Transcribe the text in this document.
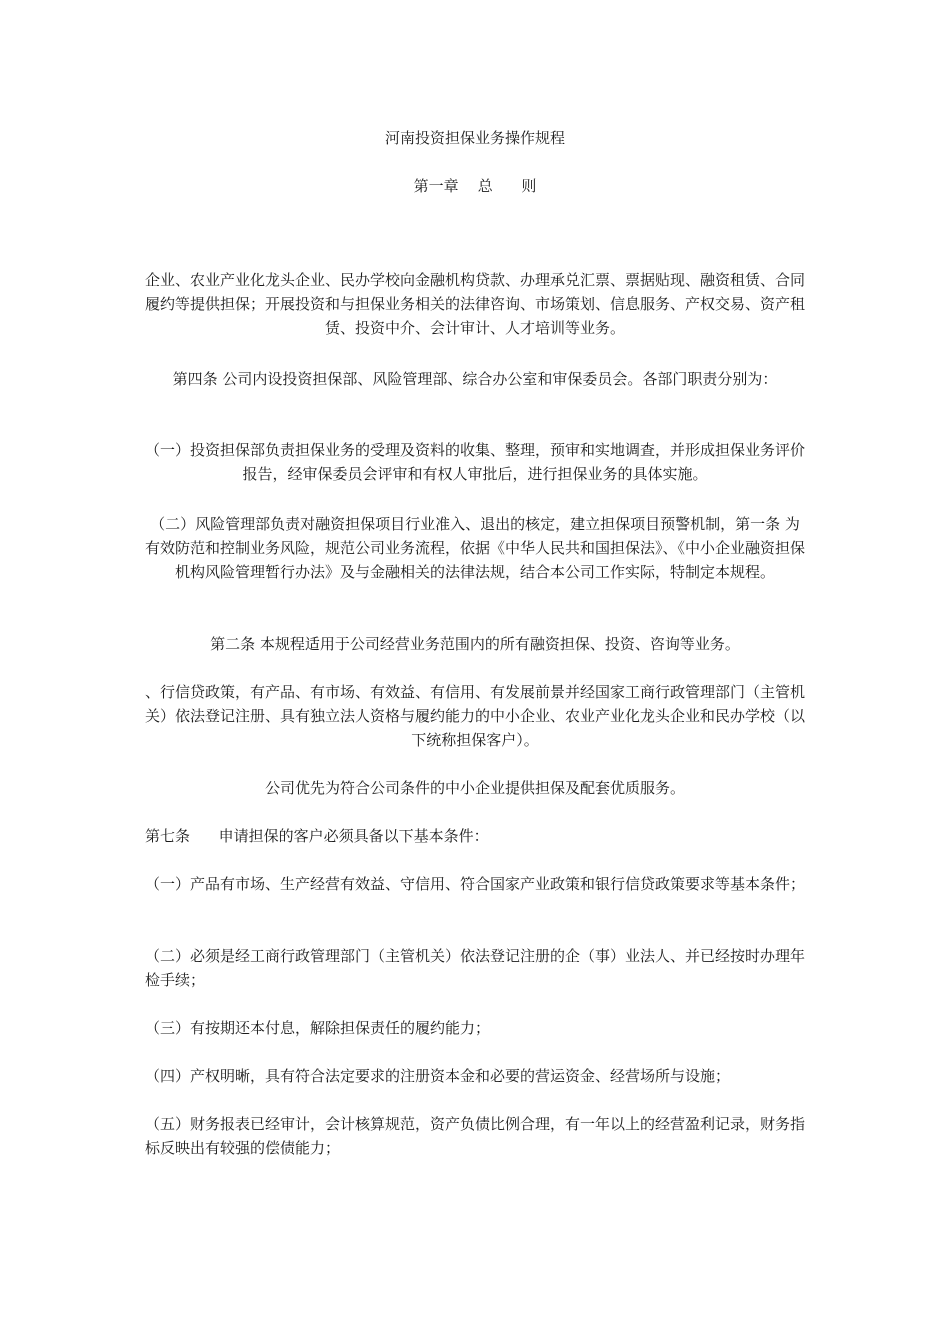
河南投资担保业务操作规程
第一章    总      则

企业、农业产业化龙头企业、民办学校向金融机构贷款、办理承兑汇票、票据贴现、融资租赁、合同履约等提供担保；开展投资和与担保业务相关的法律咨询、市场策划、信息服务、产权交易、资产租赁、投资中介、会计审计、人才培训等业务。

第四条 公司内设投资担保部、风险管理部、综合办公室和审保委员会。各部门职责分别为：

（一）投资担保部负责担保业务的受理及资料的收集、整理，预审和实地调查，并形成担保业务评价报告，经审保委员会评审和有权人审批后，进行担保业务的具体实施。

（二）风险管理部负责对融资担保项目行业准入、退出的核定，建立担保项目预警机制，第一条 为有效防范和控制业务风险，规范公司业务流程，依据《中华人民共和国担保法》、《中小企业融资担保机构风险管理暂行办法》及与金融相关的法律法规，结合本公司工作实际，特制定本规程。

第二条 本规程适用于公司经营业务范围内的所有融资担保、投资、咨询等业务。

、行信贷政策，有产品、有市场、有效益、有信用、有发展前景并经国家工商行政管理部门（主管机关）依法登记注册、具有独立法人资格与履约能力的中小企业、农业产业化龙头企业和民办学校（以下统称担保客户）。

公司优先为符合公司条件的中小企业提供担保及配套优质服务。

第七条      申请担保的客户必须具备以下基本条件：

（一）产品有市场、生产经营有效益、守信用、符合国家产业政策和银行信贷政策要求等基本条件；

（二）必须是经工商行政管理部门（主管机关）依法登记注册的企（事）业法人、并已经按时办理年检手续；

（三）有按期还本付息，解除担保责任的履约能力；

（四）产权明晰，具有符合法定要求的注册资本金和必要的营运资金、经营场所与设施；

（五）财务报表已经审计，会计核算规范，资产负债比例合理，有一年以上的经营盈利记录，财务指标反映出有较强的偿债能力；
